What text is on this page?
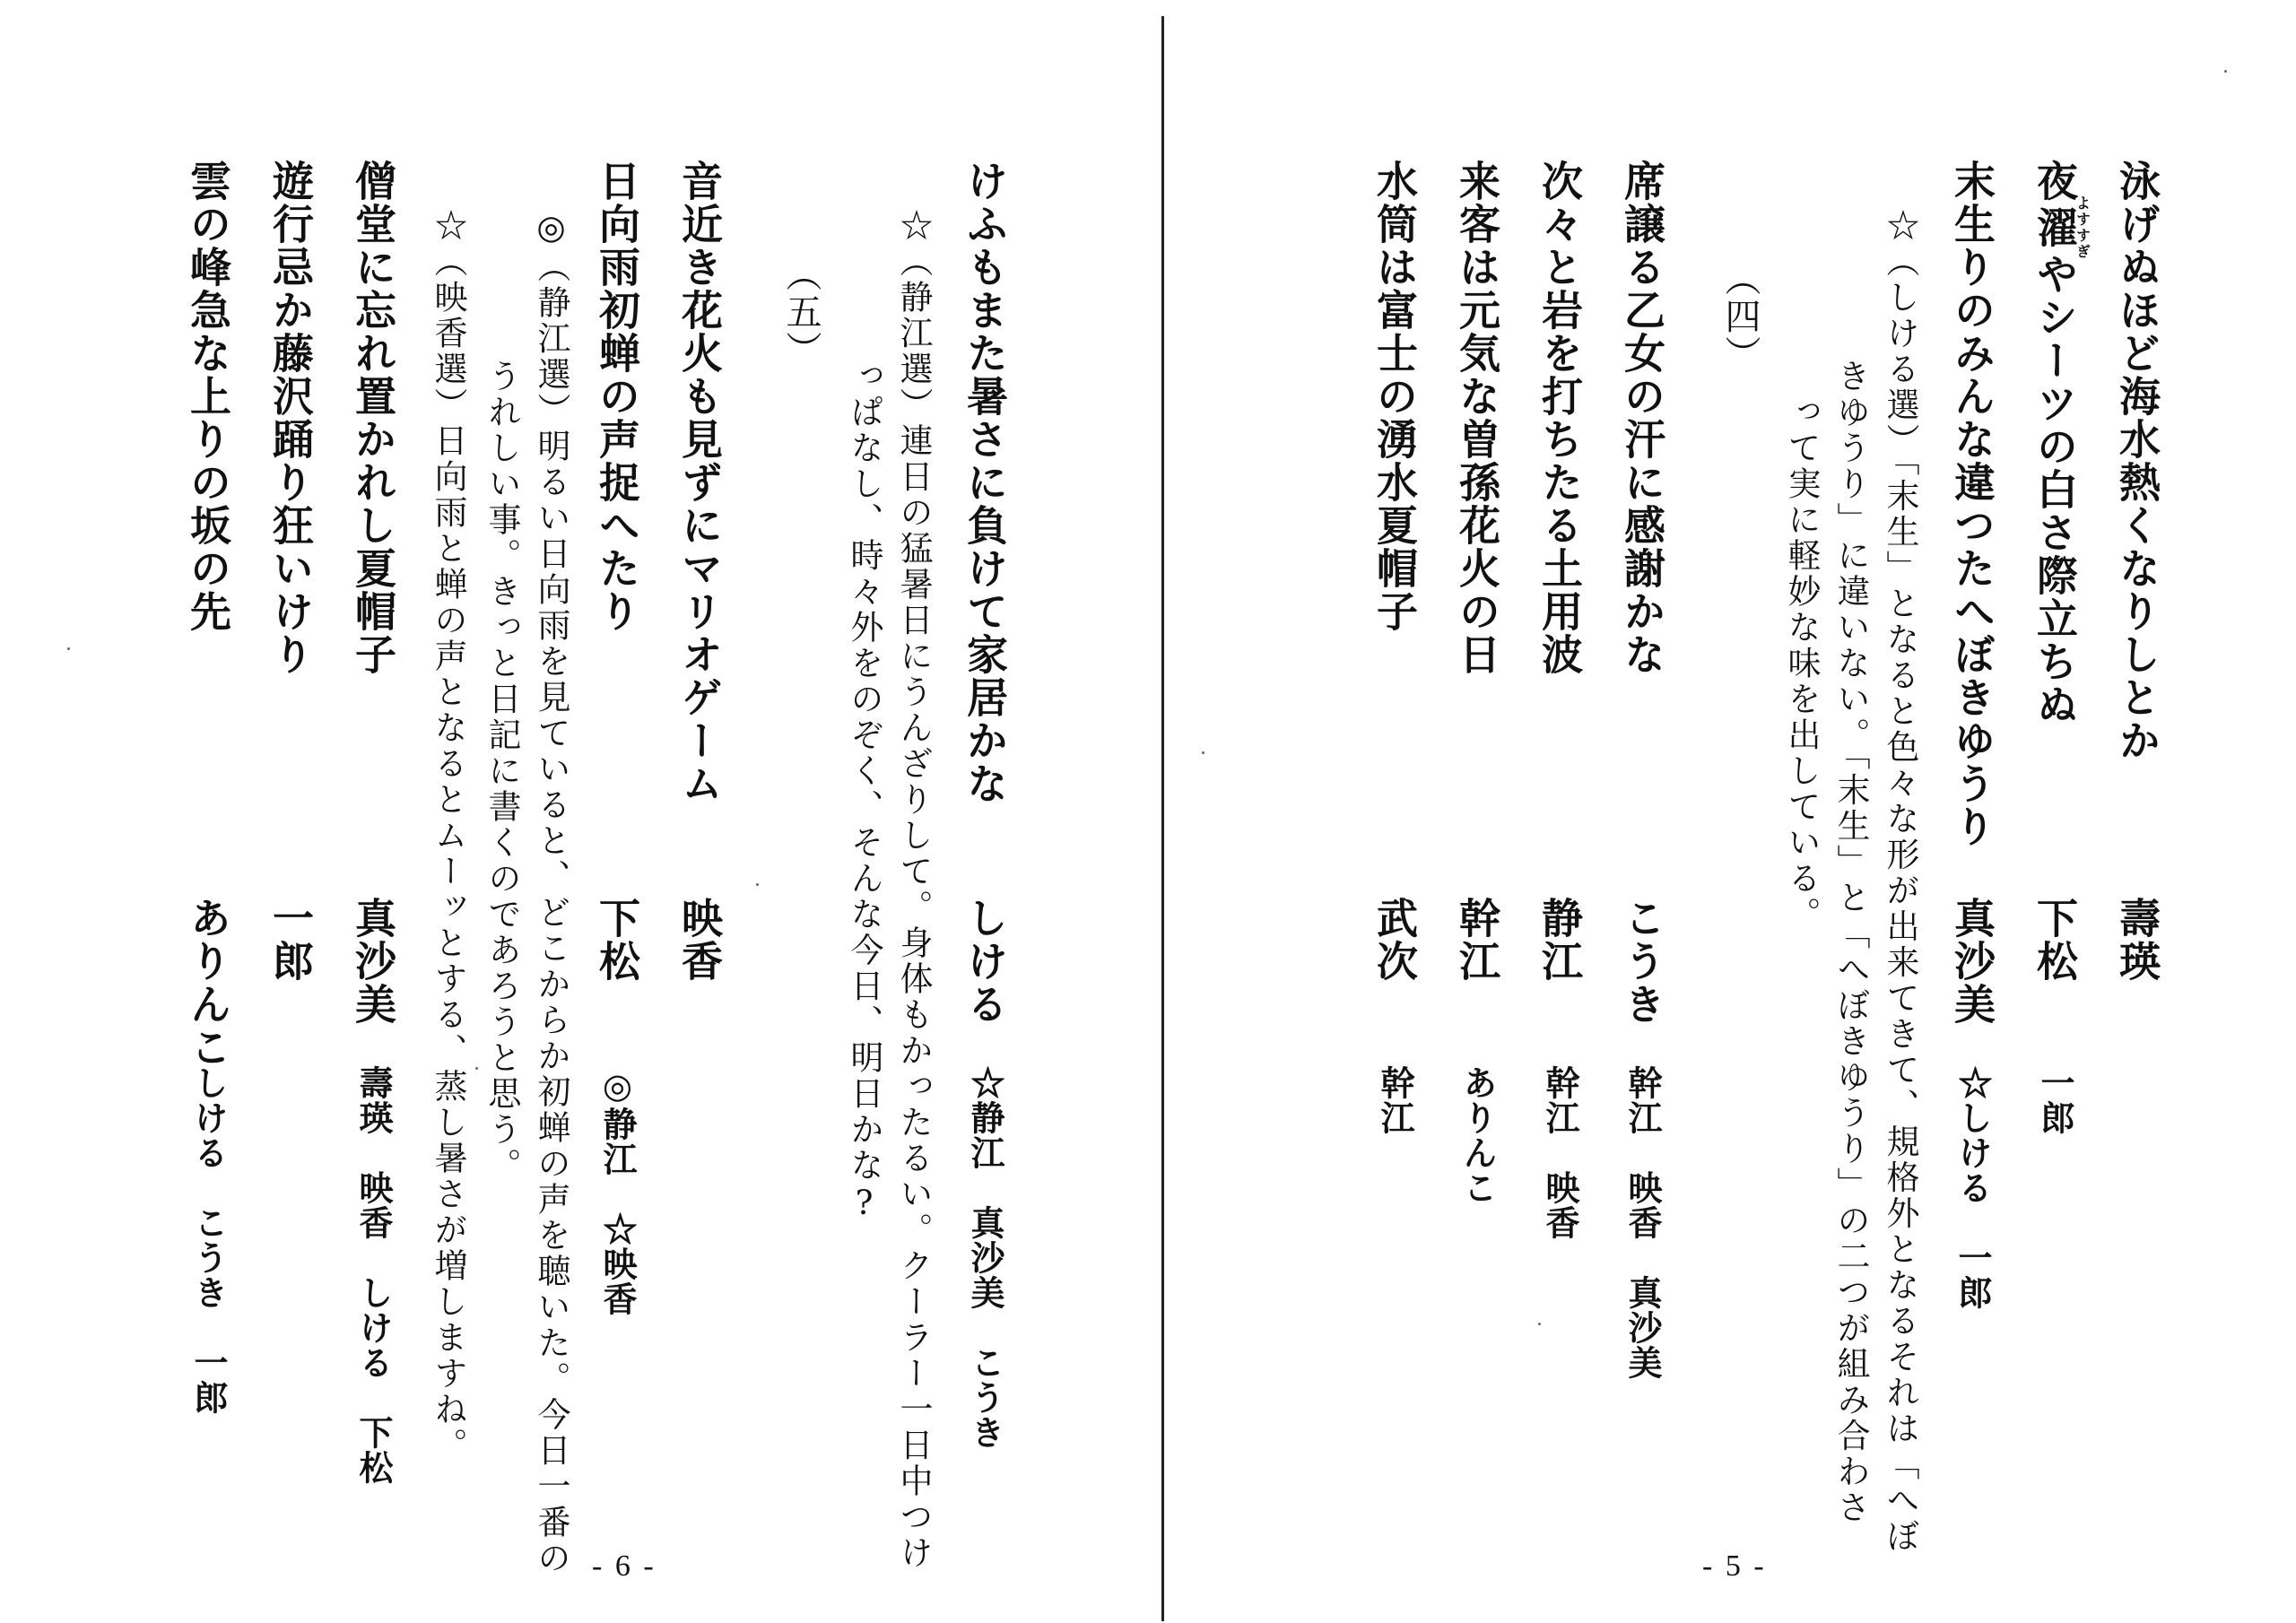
泳げぬほど海水熱くなりしとか
壽瑛
夜濯よすすぎやシーツの白さ際立ちぬ
下松
一郎
末生りのみんな違つたへぼきゆうり
真沙美
☆しける　一郎
☆（しける選）「末生」となると色々な形が出来てきて、規格外となるそれは「へぼ
きゆうり」に違いない。「末生」と「へぼきゆうり」の二つが組み合わさ
って実に軽妙な味を出している。
（四）
席譲る乙女の汗に感謝かな
こうき
幹江　映香　真沙美
次々と岩を打ちたる土用波
静江
幹江　映香
来客は元気な曽孫花火の日
幹江
ありんこ
水筒は富士の湧水夏帽子
武次
幹江
- 5 -
けふもまた暑さに負けて家居かな
しける
☆静江　真沙美　こうき
☆（静江選）連日の猛暑日にうんざりして。身体もかったるい。クーラー一日中つけ
っぱなし、時々外をのぞく、そんな今日、明日かな?
（五）
音近き花火も見ずにマリオゲーム
映香
日向雨初蝉の声捉へたり
下松
◎静江　☆映香
◎（静江選）明るい日向雨を見ていると、どこからか初蝉の声を聴いた。今日一番の
うれしい事。きっと日記に書くのであろうと思う。
☆（映香選）日向雨と蝉の声となるとムーッとする、蒸し暑さが増しますね。
僧堂に忘れ置かれし夏帽子
真沙美
壽瑛　映香　しける　下松
遊行忌か藤沢踊り狂いけり
一郎
雲の峰急な上りの坂の先
ありんこ
しける　こうき　一郎
- 6 -
